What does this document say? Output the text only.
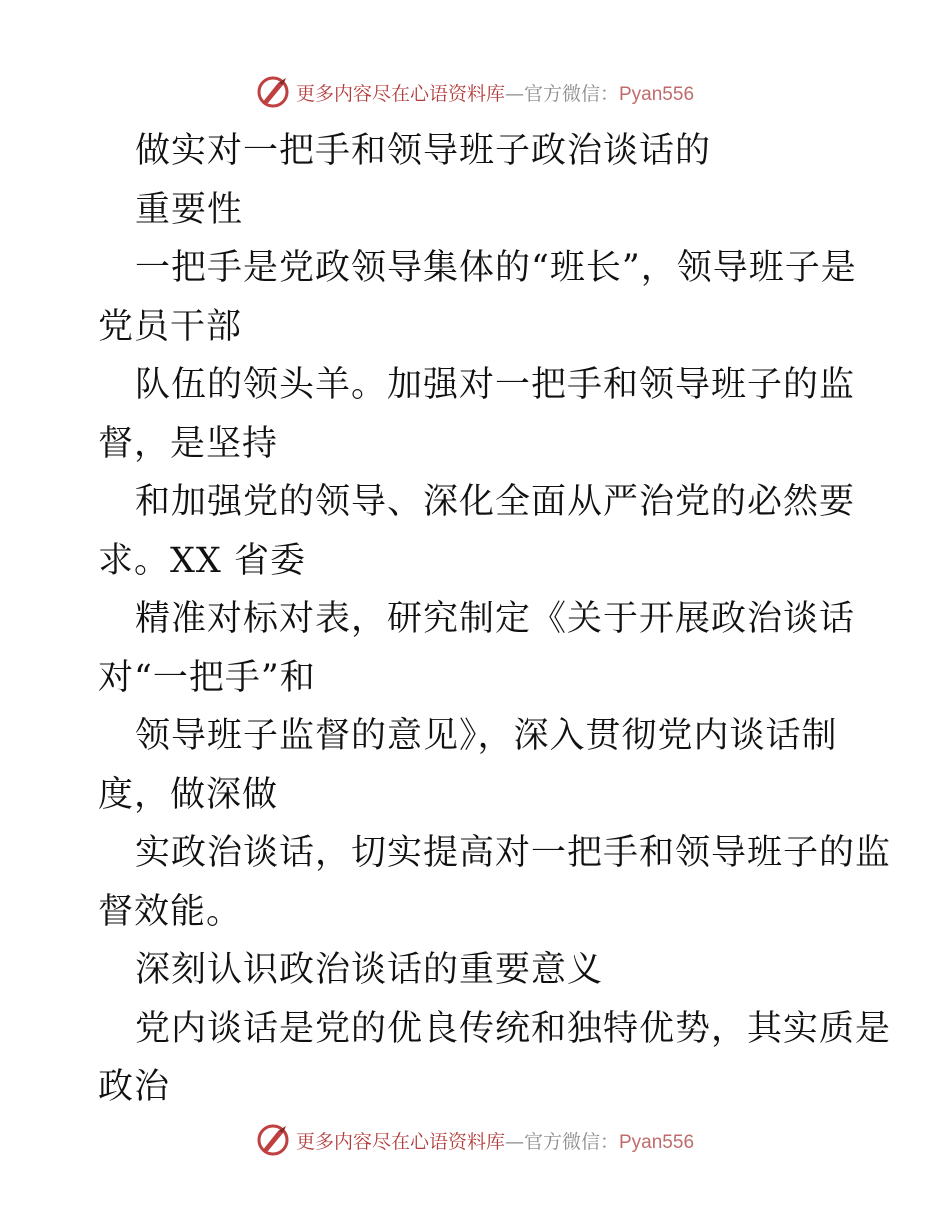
更多内容尽在心语资料库—官方微信：Pyan556
做实对一把手和领导班子政治谈话的
重要性
一把手是党政领导集体的“班长”，领导班子是
党员干部
队伍的领头羊。加强对一把手和领导班子的监
督，是坚持
和加强党的领导、深化全面从严治党的必然要
求。XX 省委
精准对标对表，研究制定《关于开展政治谈话
对“一把手”和
领导班子监督的意见》，深入贯彻党内谈话制
度，做深做
实政治谈话，切实提高对一把手和领导班子的监
督效能。
深刻认识政治谈话的重要意义
党内谈话是党的优良传统和独特优势，其实质是
政治
更多内容尽在心语资料库—官方微信：Pyan556
